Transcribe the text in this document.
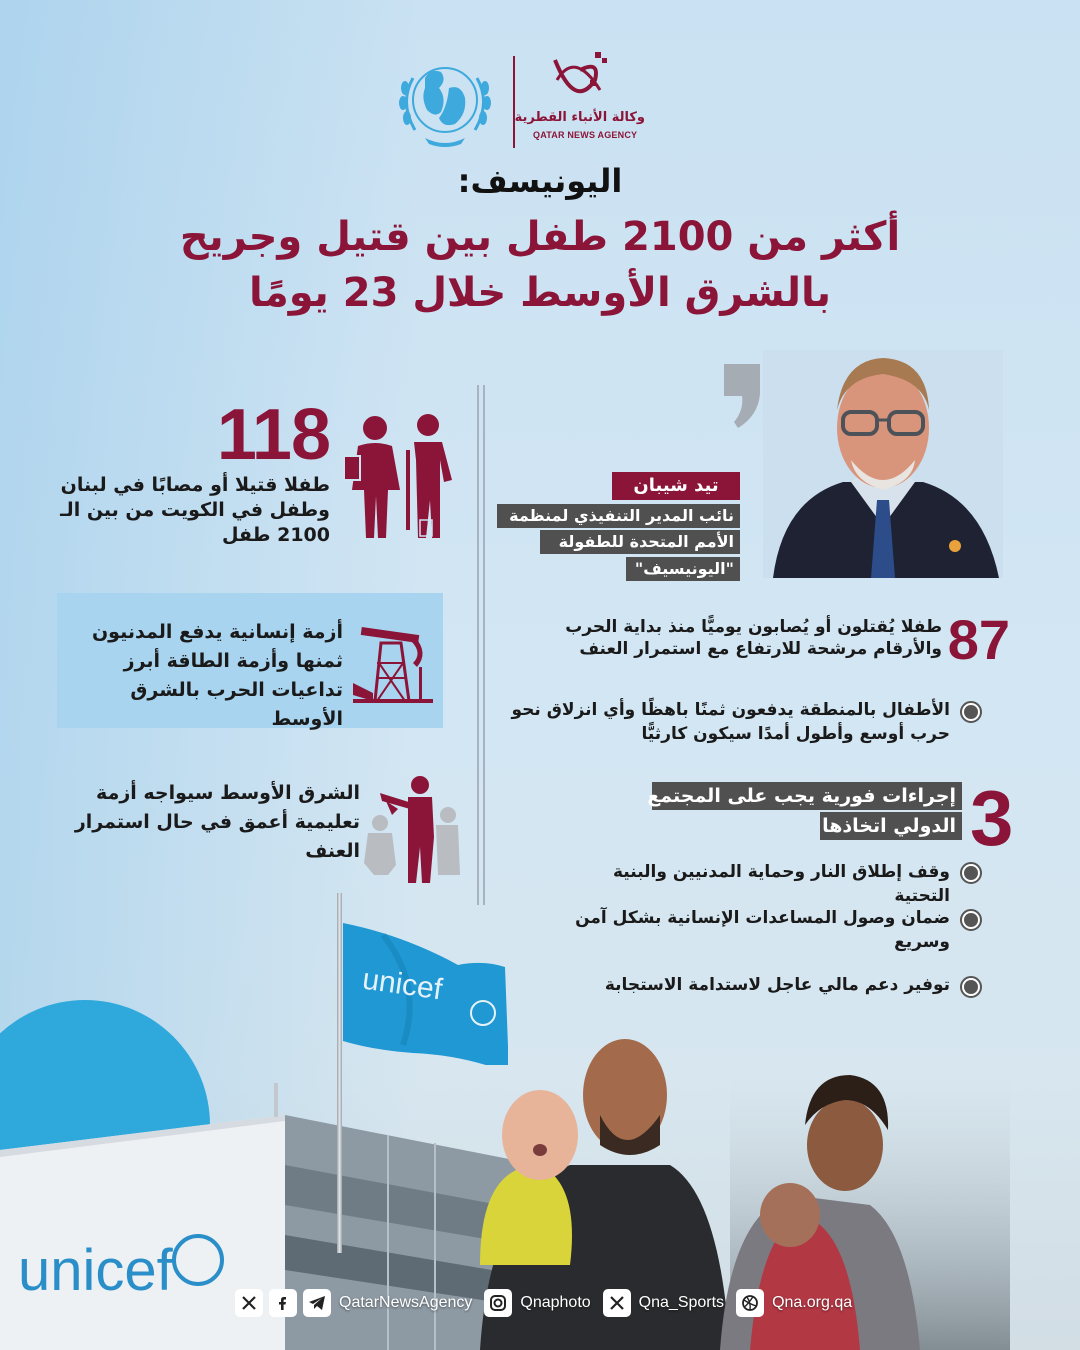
وكالة الأنباء القطرية
QATAR NEWS AGENCY
اليونيسف:
أكثر من 2100 طفل بين قتيل وجريح
بالشرق الأوسط خلال 23 يومًا
118
طفلا قتيلا أو مصابًا في لبنان وطفل في الكويت من بين الـ 2100 طفل
أزمة إنسانية يدفع المدنيون ثمنها وأزمة الطاقة أبرز تداعيات الحرب بالشرق الأوسط
الشرق الأوسط سيواجه أزمة تعليمية أعمق في حال استمرار العنف
تيد شيبان
نائب المدير التنفيذي لمنظمة
الأمم المتحدة للطفولة
"اليونيسيف"
87
طفلا يُقتلون أو يُصابون يوميًّا منذ بداية الحرب والأرقام مرشحة للارتفاع مع استمرار العنف
الأطفال بالمنطقة يدفعون ثمنًا باهظًا وأي انزلاق نحو حرب أوسع وأطول أمدًا سيكون كارثيًّا
3
إجراءات فورية يجب على المجتمع
الدولي اتخاذها
وقف إطلاق النار وحماية المدنيين والبنية التحتية
ضمان وصول المساعدات الإنسانية بشكل آمن وسريع
توفير دعم مالي عاجل لاستدامة الاستجابة
unicef
unicef
QatarNewsAgency	Qnaphoto	Qna_Sports	Qna.org.qa
